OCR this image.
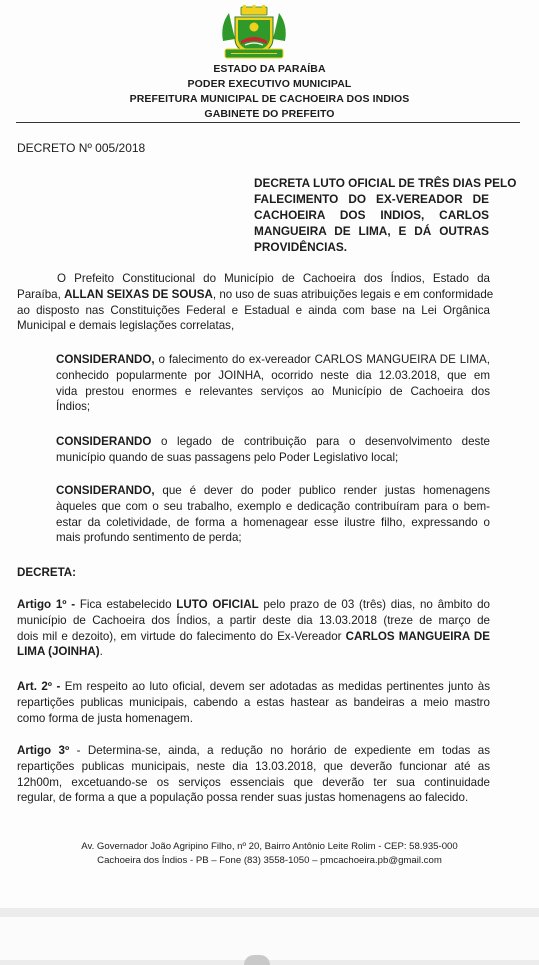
ESTADO DA PARAÍBA
PODER EXECUTIVO MUNICIPAL
PREFEITURA MUNICIPAL DE CACHOEIRA DOS INDIOS
GABINETE DO PREFEITO
DECRETO Nº 005/2018
DECRETA LUTO OFICIAL DE TRÊS DIAS PELO
FALECIMENTO DO EX-VEREADOR DE
CACHOEIRA DOS INDIOS, CARLOS
MANGUEIRA DE LIMA, E DÁ OUTRAS
PROVIDÊNCIAS.
O Prefeito Constitucional do Município de Cachoeira dos Índios, Estado da
Paraíba, ALLAN SEIXAS DE SOUSA, no uso de suas atribuições legais e em conformidade
ao disposto nas Constituições Federal e Estadual e ainda com base na Lei Orgânica
Municipal e demais legislações correlatas,
CONSIDERANDO, o falecimento do ex-vereador CARLOS MANGUEIRA DE LIMA,
conhecido popularmente por JOINHA, ocorrido neste dia 12.03.2018, que em
vida prestou enormes e relevantes serviços ao Município de Cachoeira dos
Índios;
CONSIDERANDO o legado de contribuição para o desenvolvimento deste
município quando de suas passagens pelo Poder Legislativo local;
CONSIDERANDO, que é dever do poder publico render justas homenagens
àqueles que com o seu trabalho, exemplo e dedicação contribuíram para o bem-
estar da coletividade, de forma a homenagear esse ilustre filho, expressando o
mais profundo sentimento de perda;
DECRETA:
Artigo 1º - Fica estabelecido LUTO OFICIAL pelo prazo de 03 (três) dias, no âmbito do
município de Cachoeira dos Índios, a partir deste dia 13.03.2018 (treze de março de
dois mil e dezoito), em virtude do falecimento do Ex-Vereador CARLOS MANGUEIRA DE
LIMA (JOINHA).
Art. 2º - Em respeito ao luto oficial, devem ser adotadas as medidas pertinentes junto às
repartições publicas municipais, cabendo a estas hastear as bandeiras a meio mastro
como forma de justa homenagem.
Artigo 3º - Determina-se, ainda, a redução no horário de expediente em todas as
repartições publicas municipais, neste dia 13.03.2018, que deverão funcionar até as
12h00m, excetuando-se os serviços essenciais que deverão ter sua continuidade
regular, de forma a que a população possa render suas justas homenagens ao falecido.
Av. Governador João Agripino Filho, nº 20, Bairro Antônio Leite Rolim - CEP: 58.935-000
Cachoeira dos Índios - PB – Fone (83) 3558-1050 – pmcachoeira.pb@gmail.com
